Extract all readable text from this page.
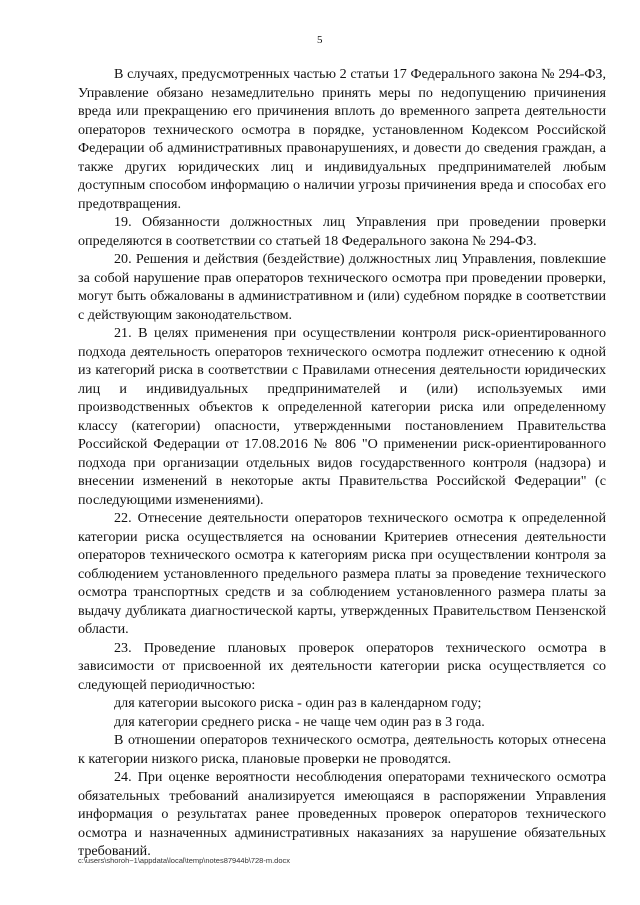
5

В случаях, предусмотренных частью 2 статьи 17 Федерального закона № 294-ФЗ, Управление обязано незамедлительно принять меры по недопущению причинения вреда или прекращению его причинения вплоть до временного запрета деятельности операторов технического осмотра в порядке, установленном Кодексом Российской Федерации об административных правонарушениях, и довести до сведения граждан, а также других юридических лиц и индивидуальных предпринимателей любым доступным способом информацию о наличии угрозы причинения вреда и способах его предотвращения.

19. Обязанности должностных лиц Управления при проведении проверки определяются в соответствии со статьей 18 Федерального закона № 294-ФЗ.

20. Решения и действия (бездействие) должностных лиц Управления, повлекшие за собой нарушение прав операторов технического осмотра при проведении проверки, могут быть обжалованы в административном и (или) судебном порядке в соответствии с действующим законодательством.

21. В целях применения при осуществлении контроля риск-ориентированного подхода деятельность операторов технического осмотра подлежит отнесению к одной из категорий риска в соответствии с Правилами отнесения деятельности юридических лиц и индивидуальных предпринимателей и (или) используемых ими производственных объектов к определенной категории риска или определенному классу (категории) опасности, утвержденными постановлением Правительства Российской Федерации от 17.08.2016 № 806 "О применении риск-ориентированного подхода при организации отдельных видов государственного контроля (надзора) и внесении изменений в некоторые акты Правительства Российской Федерации" (с последующими изменениями).

22. Отнесение деятельности операторов технического осмотра к определенной категории риска осуществляется на основании Критериев отнесения деятельности операторов технического осмотра к категориям риска при осуществлении контроля за соблюдением установленного предельного размера платы за проведение технического осмотра транспортных средств и за соблюдением установленного размера платы за выдачу дубликата диагностической карты, утвержденных Правительством Пензенской области.

23. Проведение плановых проверок операторов технического осмотра в зависимости от присвоенной их деятельности категории риска осуществляется со следующей периодичностью:

для категории высокого риска - один раз в календарном году;

для категории среднего риска - не чаще чем один раз в 3 года.

В отношении операторов технического осмотра, деятельность которых отнесена к категории низкого риска, плановые проверки не проводятся.

24. При оценке вероятности несоблюдения операторами технического осмотра обязательных требований анализируется имеющаяся в распоряжении Управления информация о результатах ранее проведенных проверок операторов технического осмотра и назначенных административных наказаниях за нарушение обязательных требований.

c:\users\shoroh~1\appdata\local\temp\notes87944b\728-m.docx
